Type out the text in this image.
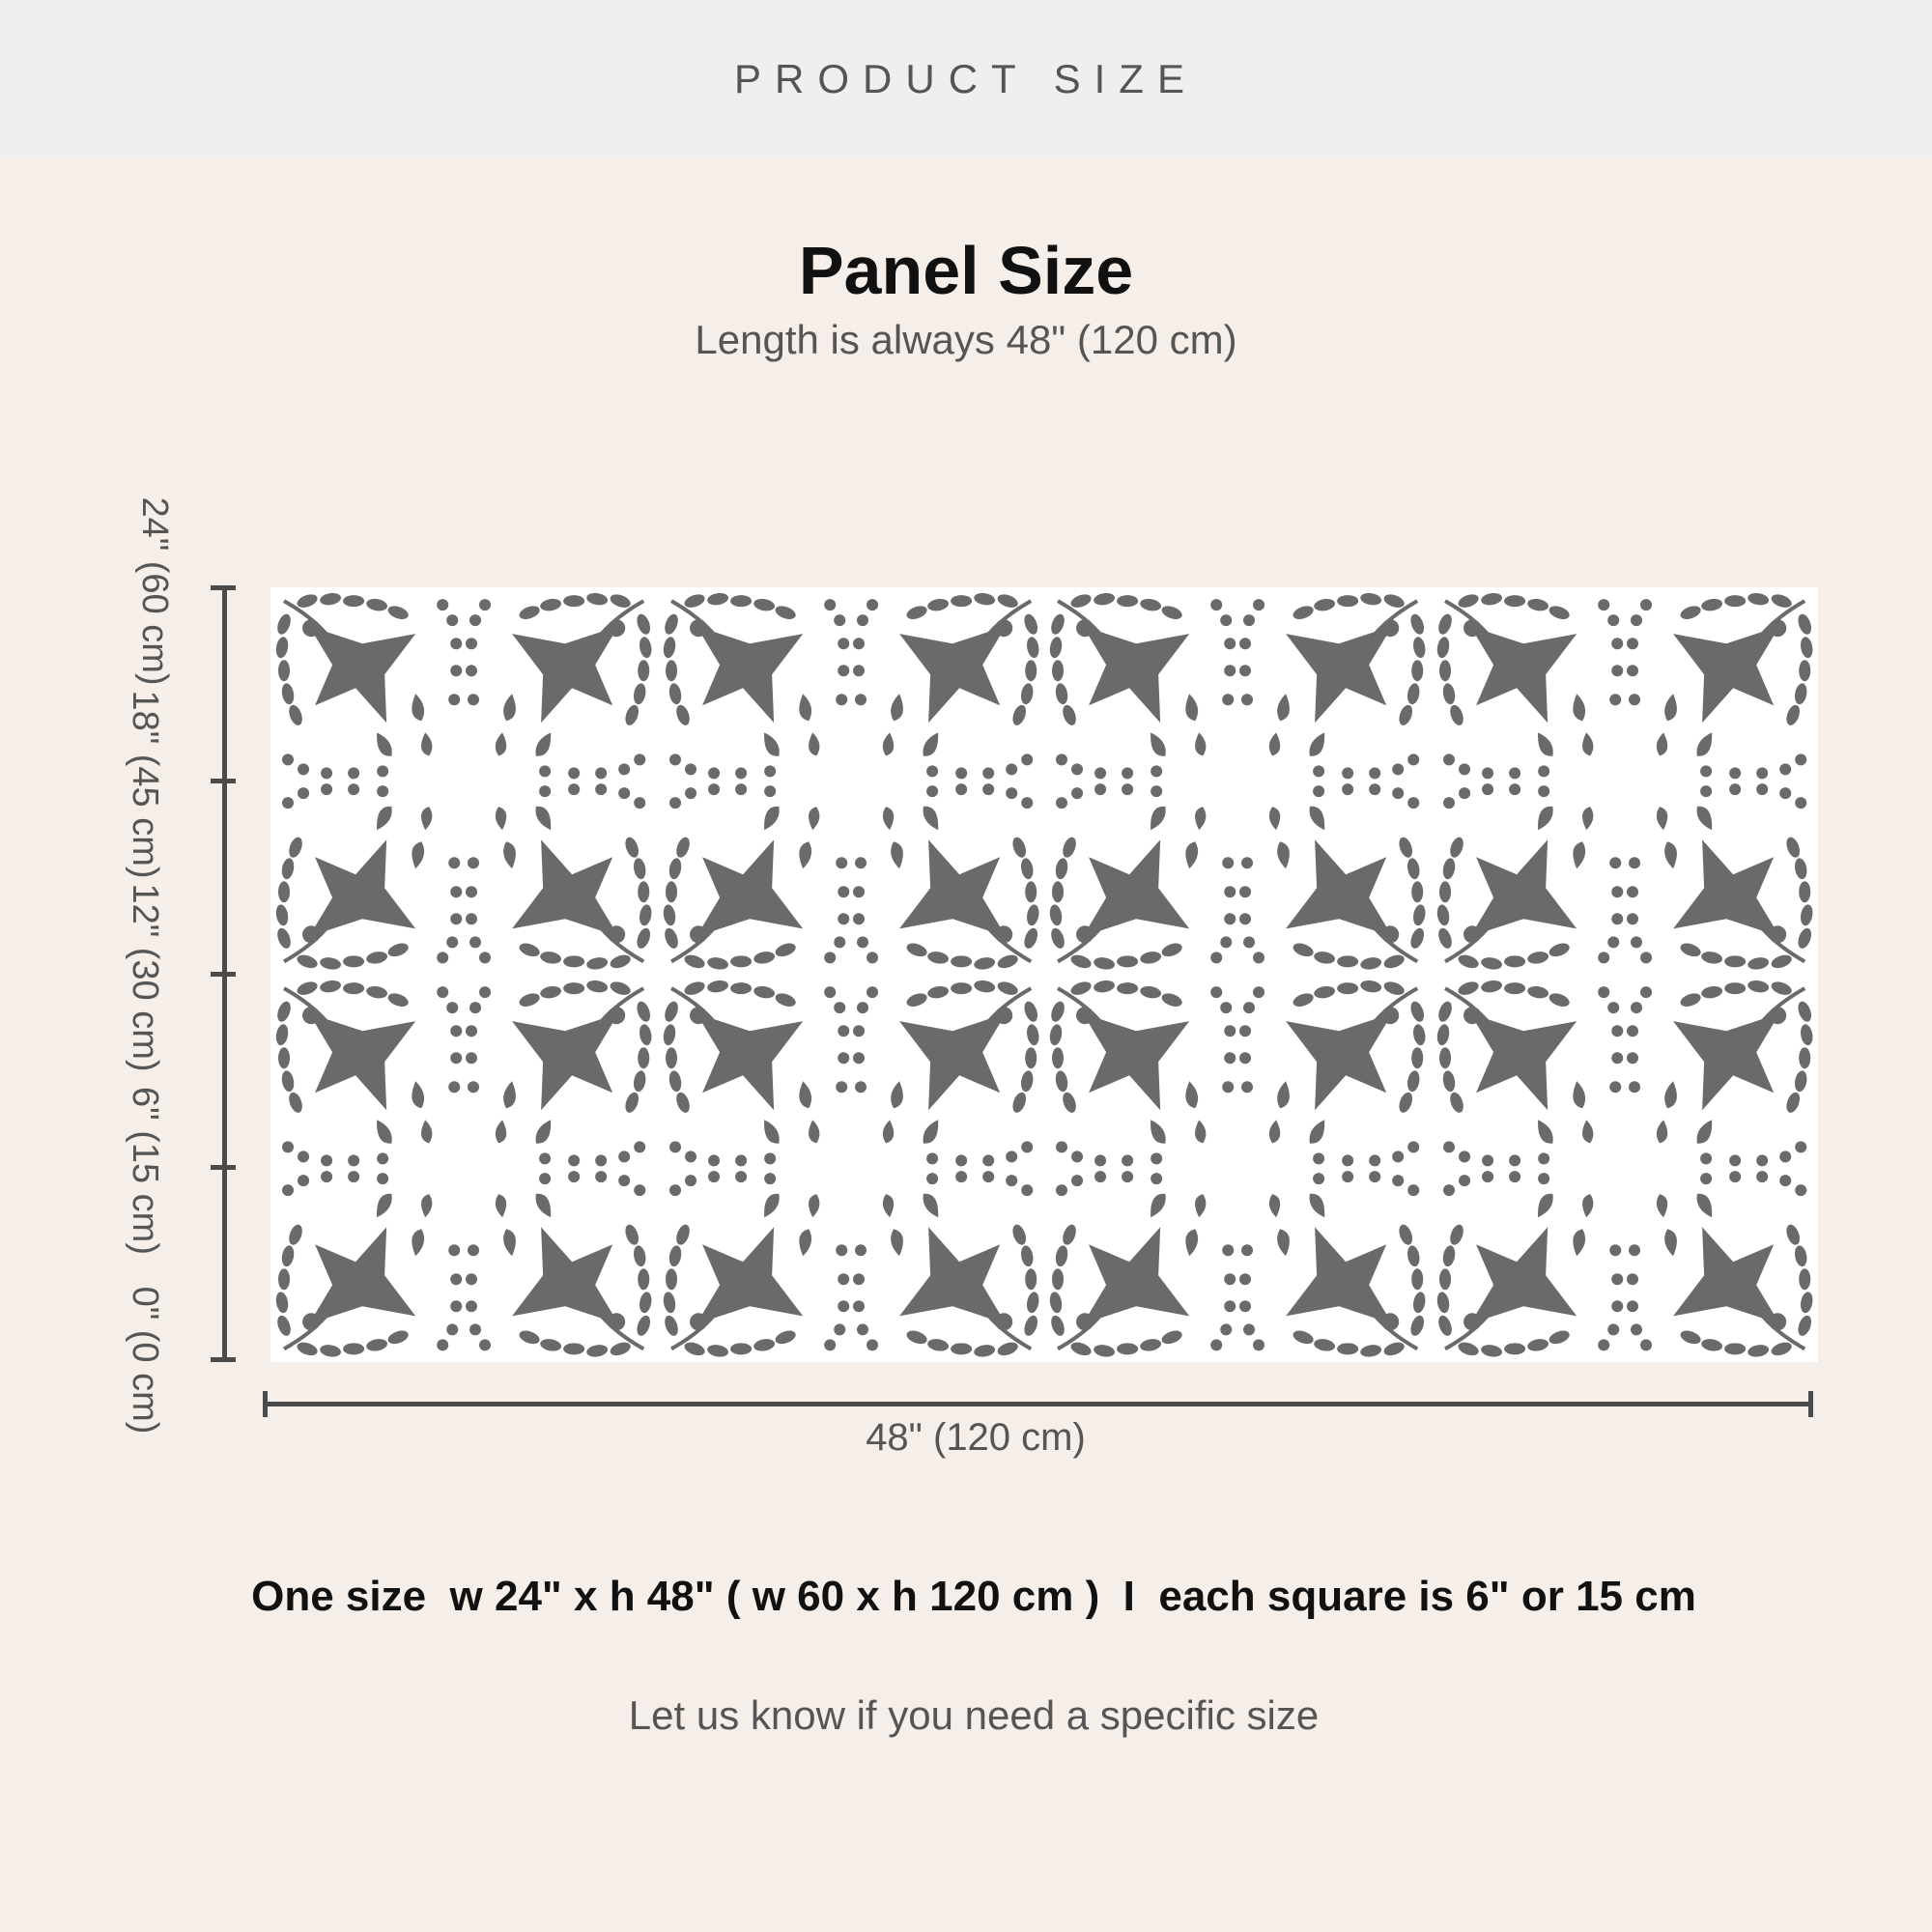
PRODUCT SIZE
Panel Size
Length is always 48" (120 cm)
24" (60 cm)
18" (45 cm)
12" (30 cm)
6" (15 cm)
0" (0 cm)
48" (120 cm)
One size  w 24" x h 48" ( w 60 x h 120 cm )  I  each square is 6" or 15 cm
Let us know if you need a specific size
